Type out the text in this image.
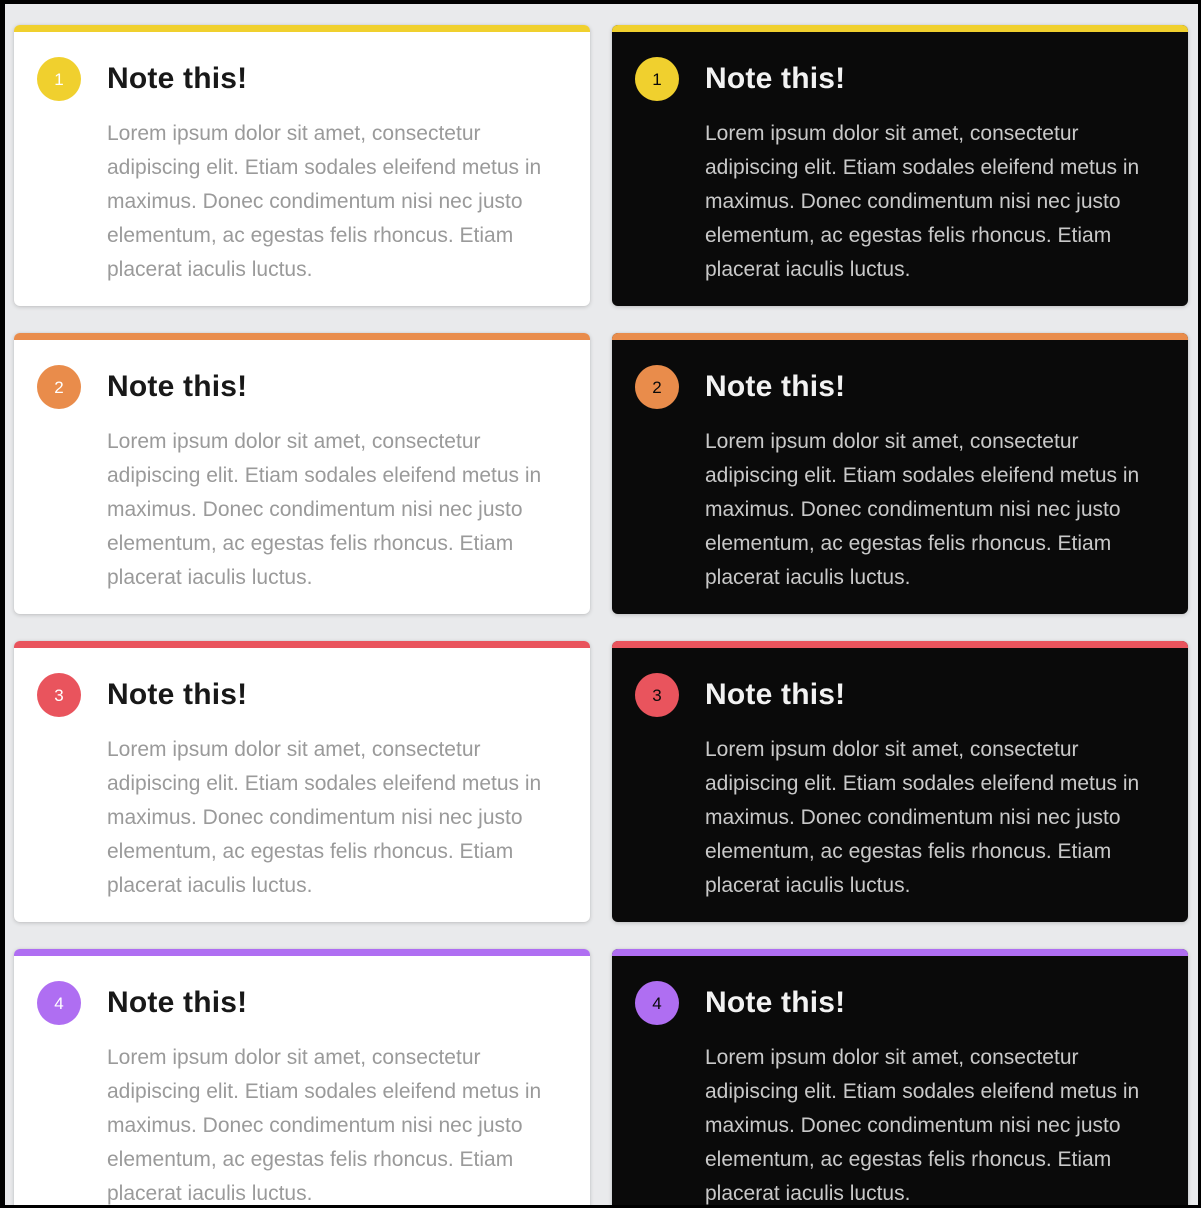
1	Note this!

Lorem ipsum dolor sit amet, consectetur adipiscing elit. Etiam sodales eleifend metus in maximus. Donec condimentum nisi nec justo elementum, ac egestas felis rhoncus. Etiam placerat iaculis luctus.

1	Note this!

Lorem ipsum dolor sit amet, consectetur adipiscing elit. Etiam sodales eleifend metus in maximus. Donec condimentum nisi nec justo elementum, ac egestas felis rhoncus. Etiam placerat iaculis luctus.

2	Note this!

Lorem ipsum dolor sit amet, consectetur adipiscing elit. Etiam sodales eleifend metus in maximus. Donec condimentum nisi nec justo elementum, ac egestas felis rhoncus. Etiam placerat iaculis luctus.

2	Note this!

Lorem ipsum dolor sit amet, consectetur adipiscing elit. Etiam sodales eleifend metus in maximus. Donec condimentum nisi nec justo elementum, ac egestas felis rhoncus. Etiam placerat iaculis luctus.

3	Note this!

Lorem ipsum dolor sit amet, consectetur adipiscing elit. Etiam sodales eleifend metus in maximus. Donec condimentum nisi nec justo elementum, ac egestas felis rhoncus. Etiam placerat iaculis luctus.

3	Note this!

Lorem ipsum dolor sit amet, consectetur adipiscing elit. Etiam sodales eleifend metus in maximus. Donec condimentum nisi nec justo elementum, ac egestas felis rhoncus. Etiam placerat iaculis luctus.

4	Note this!

Lorem ipsum dolor sit amet, consectetur adipiscing elit. Etiam sodales eleifend metus in maximus. Donec condimentum nisi nec justo elementum, ac egestas felis rhoncus. Etiam placerat iaculis luctus.

4	Note this!

Lorem ipsum dolor sit amet, consectetur adipiscing elit. Etiam sodales eleifend metus in maximus. Donec condimentum nisi nec justo elementum, ac egestas felis rhoncus. Etiam placerat iaculis luctus.
